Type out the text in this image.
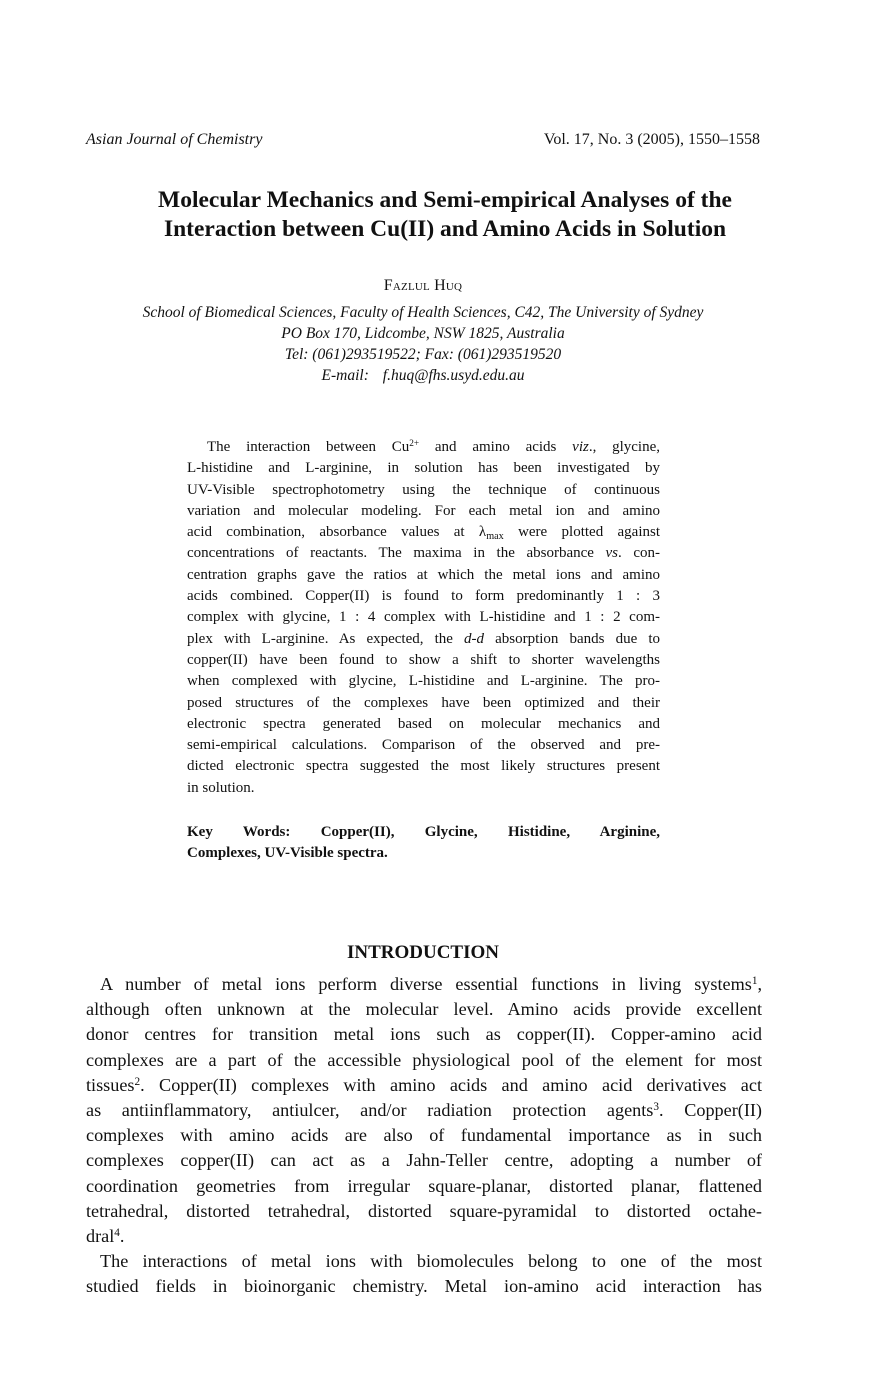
Asian Journal of Chemistry	Vol. 17, No. 3 (2005), 1550–1558
Molecular Mechanics and Semi-empirical Analyses of the
Interaction between Cu(II) and Amino Acids in Solution
Fazlul Huq
School of Biomedical Sciences, Faculty of Health Sciences, C42, The University of Sydney
PO Box 170, Lidcombe, NSW 1825, Australia
Tel: (061)293519522; Fax: (061)293519520
E-mail: f.huq@fhs.usyd.edu.au
The interaction between $Cu^{2+}$ and amino acids viz., glycine,
L-histidine and L-arginine, in solution has been investigated by
UV-Visible spectrophotometry using the technique of continuous
variation and molecular modeling. For each metal ion and amino
acid combination, absorbance values at $\lambda_{max}$ were plotted against
concentrations of reactants. The maxima in the absorbance vs. con-
centration graphs gave the ratios at which the metal ions and amino
acids combined. Copper(II) is found to form predominantly 1 : 3
complex with glycine, 1 : 4 complex with L-histidine and 1 : 2 com-
plex with L-arginine. As expected, the d-d absorption bands due to
copper(II) have been found to show a shift to shorter wavelengths
when complexed with glycine, L-histidine and L-arginine. The pro-
posed structures of the complexes have been optimized and their
electronic spectra generated based on molecular mechanics and
semi-empirical calculations. Comparison of the observed and pre-
dicted electronic spectra suggested the most likely structures present
in solution.
Key Words: Copper(II), Glycine, Histidine, Arginine,
Complexes, UV-Visible spectra.
INTRODUCTION
A number of metal ions perform diverse essential functions in living systems$^1$,
although often unknown at the molecular level. Amino acids provide excellent
donor centres for transition metal ions such as copper(II). Copper-amino acid
complexes are a part of the accessible physiological pool of the element for most
tissues$^2$. Copper(II) complexes with amino acids and amino acid derivatives act
as antiinflammatory, antiulcer, and/or radiation protection agents$^3$. Copper(II)
complexes with amino acids are also of fundamental importance as in such
complexes copper(II) can act as a Jahn-Teller centre, adopting a number of
coordination geometries from irregular square-planar, distorted planar, flattened
tetrahedral, distorted tetrahedral, distorted square-pyramidal to distorted octahe-
dral$^4$.
The interactions of metal ions with biomolecules belong to one of the most
studied fields in bioinorganic chemistry. Metal ion-amino acid interaction has
